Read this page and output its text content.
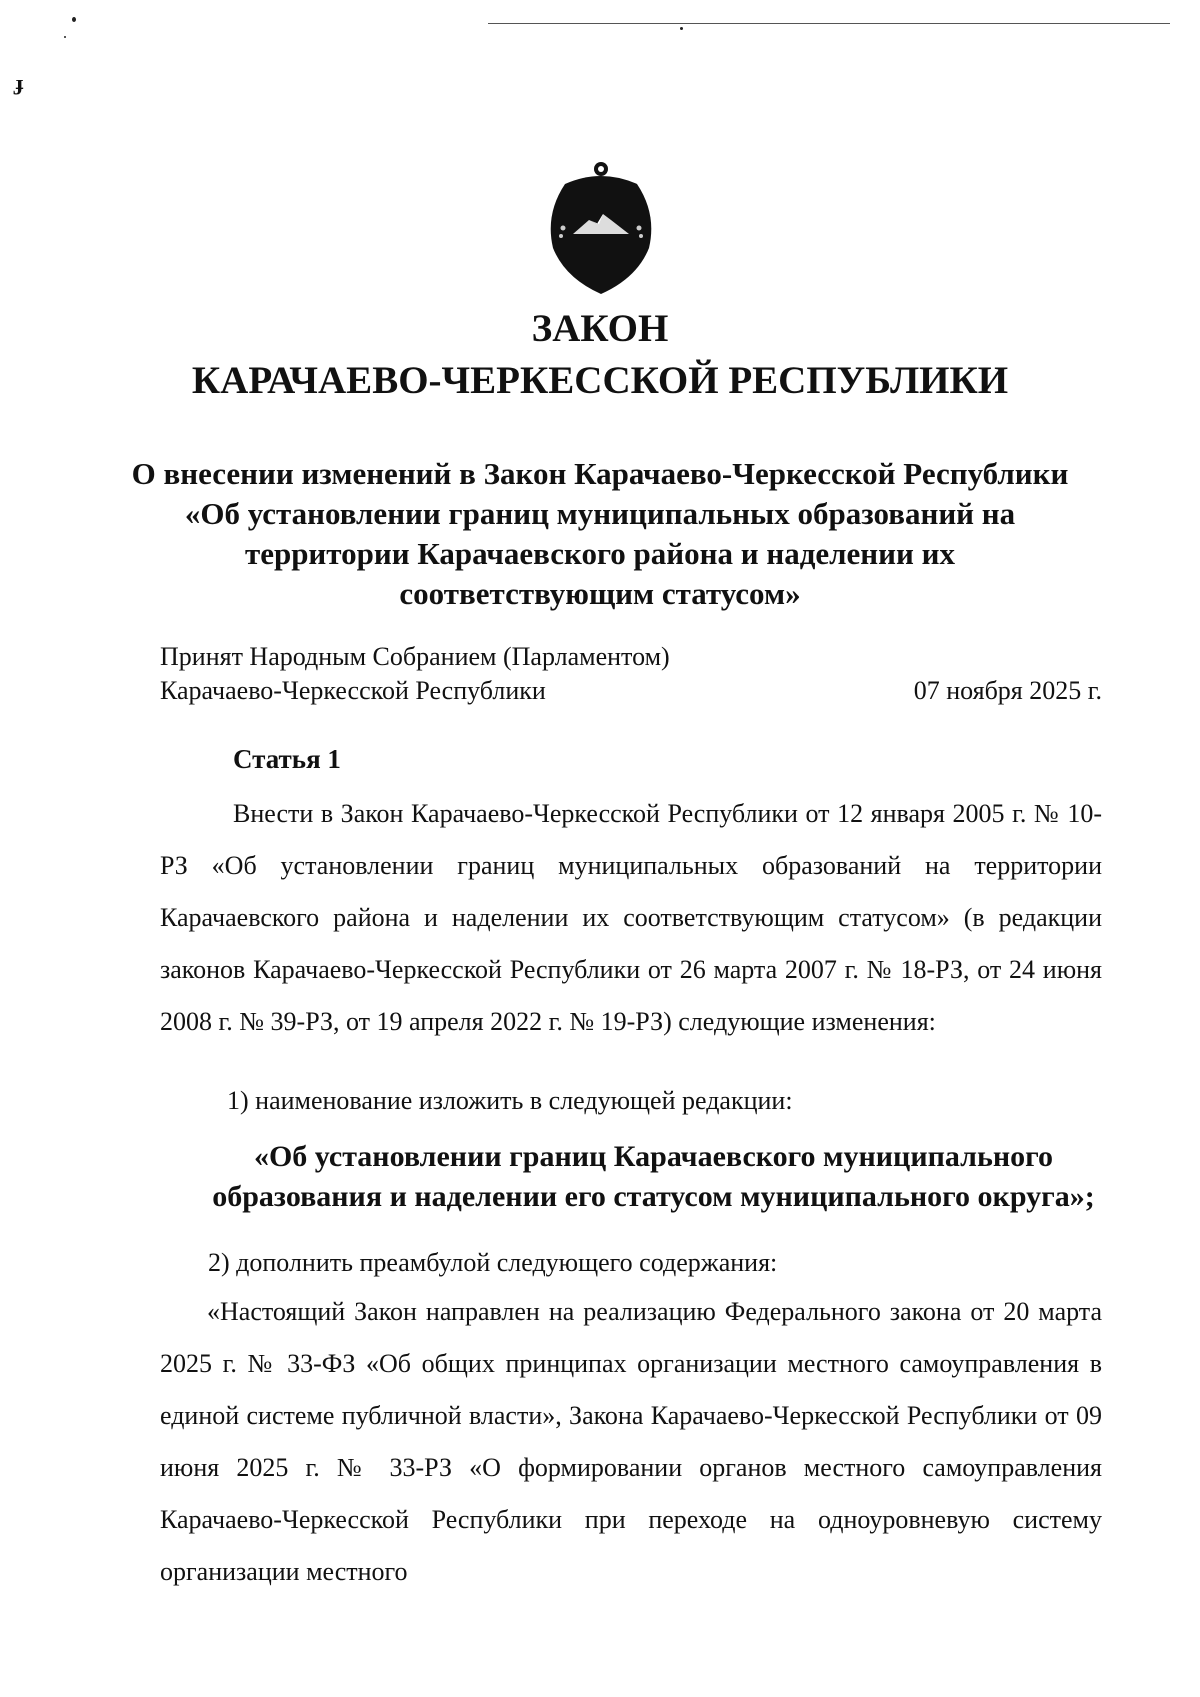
ɟ
ЗАКОН
КАРАЧАЕВО-ЧЕРКЕССКОЙ РЕСПУБЛИКИ
О внесении изменений в Закон Карачаево-Черкесской Республики «Об установлении границ муниципальных образований на территории Карачаевского района и наделении их соответствующим статусом»
Принят Народным Собранием (Парламентом)
Карачаево-Черкесской Республики	07 ноября 2025 г.
Статья 1

Внести в Закон Карачаево-Черкесской Республики от 12 января 2005 г. № 10-РЗ «Об установлении границ муниципальных образований на территории Карачаевского района и наделении их соответствующим статусом» (в редакции законов Карачаево-Черкесской Республики от 26 марта 2007 г. № 18-РЗ, от 24 июня 2008 г. № 39-РЗ, от 19 апреля 2022 г. № 19-РЗ) следующие изменения:

1) наименование изложить в следующей редакции:

«Об установлении границ Карачаевского муниципального образования и наделении его статусом муниципального округа»;

2) дополнить преамбулой следующего содержания:

«Настоящий Закон направлен на реализацию Федерального закона от 20 марта 2025 г. № 33-ФЗ «Об общих принципах организации местного самоуправления в единой системе публичной власти», Закона Карачаево-Черкесской Республики от 09 июня 2025 г. № 33-РЗ «О формировании органов местного самоуправления Карачаево-Черкесской Республики при переходе на одноуровневую систему организации местного
